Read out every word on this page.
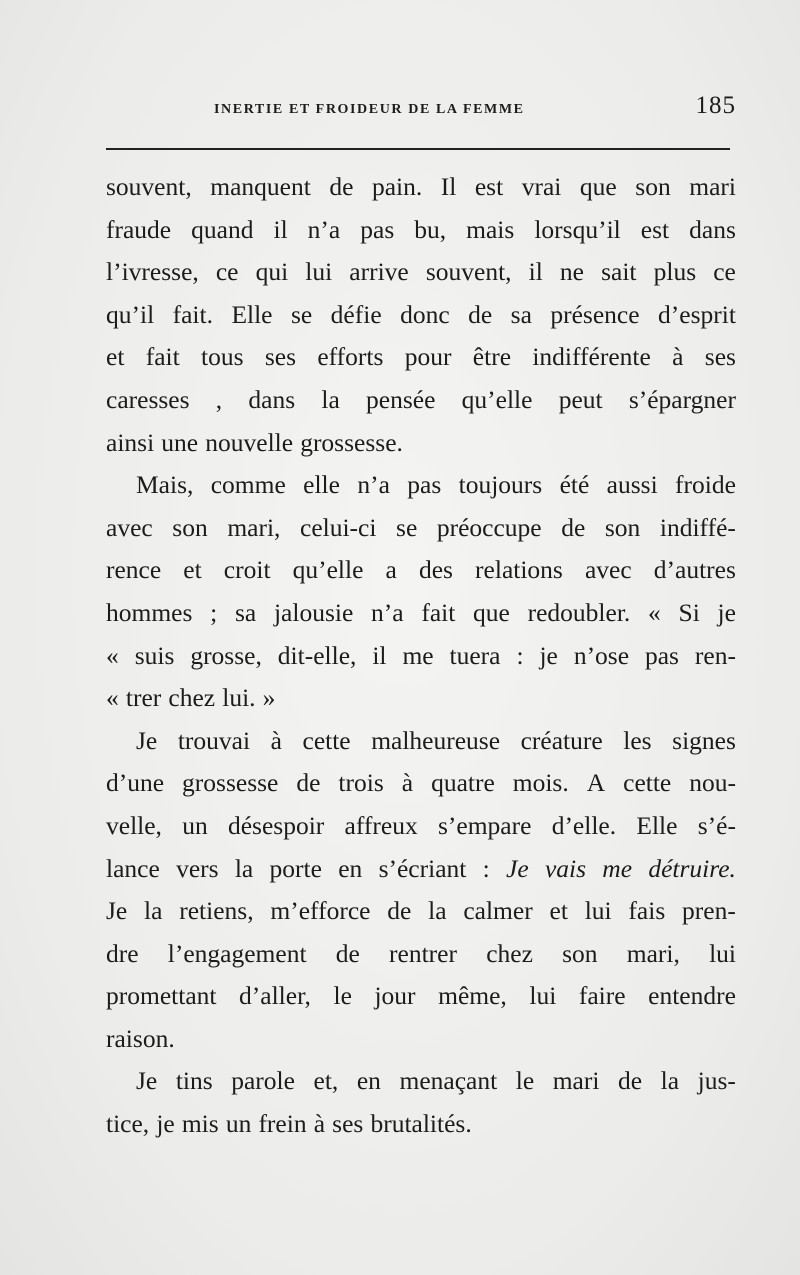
INERTIE ET FROIDEUR DE LA FEMME	185
souvent, manquent de pain. Il est vrai que son mari
fraude quand il n’a pas bu, mais lorsqu’il est dans
l’ivresse, ce qui lui arrive souvent, il ne sait plus ce
qu’il fait. Elle se défie donc de sa présence d’esprit
et fait tous ses efforts pour être indifférente à ses
caresses , dans la pensée qu’elle peut s’épargner
ainsi une nouvelle grossesse.
Mais, comme elle n’a pas toujours été aussi froide
avec son mari, celui-ci se préoccupe de son indiffé-
rence et croit qu’elle a des relations avec d’autres
hommes ; sa jalousie n’a fait que redoubler. « Si je
« suis grosse, dit-elle, il me tuera : je n’ose pas ren-
« trer chez lui. »
Je trouvai à cette malheureuse créature les signes
d’une grossesse de trois à quatre mois. A cette nou-
velle, un désespoir affreux s’empare d’elle. Elle s’é-
lance vers la porte en s’écriant : Je vais me détruire.
Je la retiens, m’efforce de la calmer et lui fais pren-
dre l’engagement de rentrer chez son mari, lui
promettant d’aller, le jour même, lui faire entendre
raison.
Je tins parole et, en menaçant le mari de la jus-
tice, je mis un frein à ses brutalités.
